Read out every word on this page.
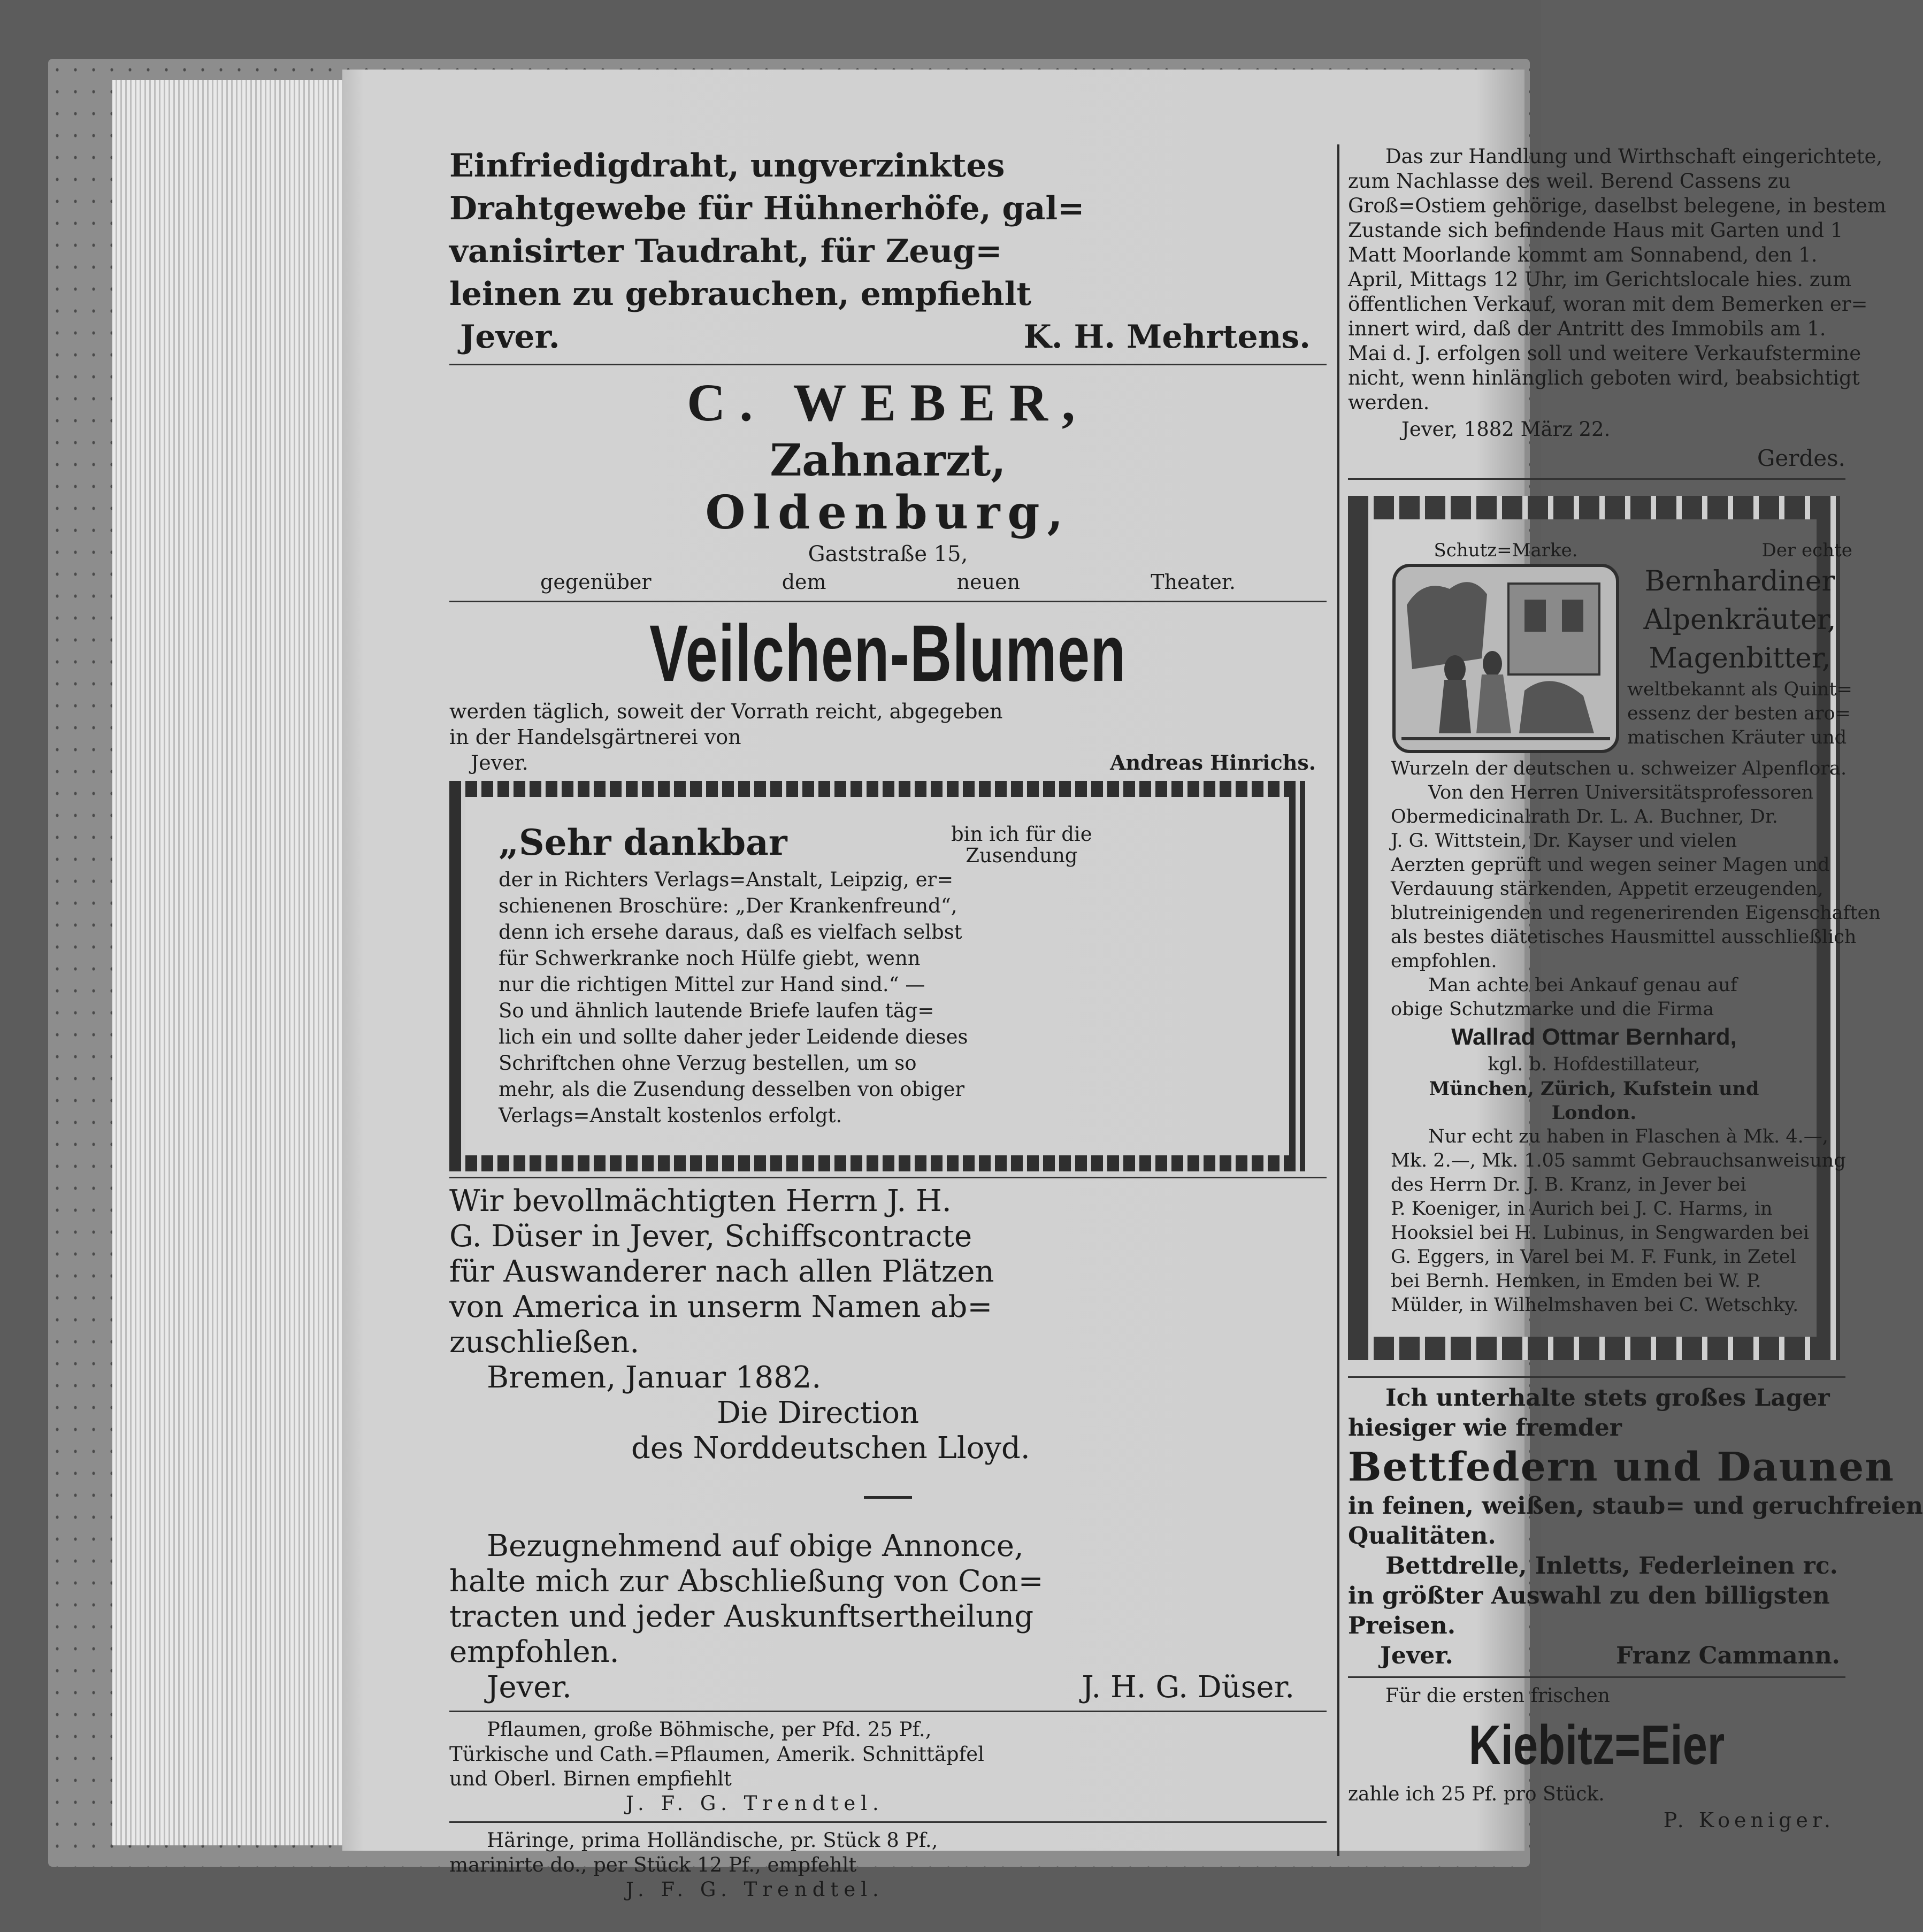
Einfriedigdraht, ungverzinktes
Drahtgewebe für Hühnerhöfe, gal=
vanisirter Taudraht, für Zeug=
leinen zu gebrauchen, empfiehlt
Jever.	K. H. Mehrtens.
C. WEBER,
Zahnarzt,
Oldenburg,
Gaststraße 15,
gegenüber	dem	neuen	Theater.
Veilchen-Blumen
werden täglich, soweit der Vorrath reicht, abgegeben
in der Handelsgärtnerei von
Jever.	Andreas Hinrichs.
„Sehr dankbar	bin ich für die
Zusendung
der in Richters Verlags=Anstalt, Leipzig, er=
schienenen Broschüre: „Der Krankenfreund“,
denn ich ersehe daraus, daß es vielfach selbst
für Schwerkranke noch Hülfe giebt, wenn
nur die richtigen Mittel zur Hand sind.“ —
So und ähnlich lautende Briefe laufen täg=
lich ein und sollte daher jeder Leidende dieses
Schriftchen ohne Verzug bestellen, um so
mehr, als die Zusendung desselben von obiger
Verlags=Anstalt kostenlos erfolgt.
Wir bevollmächtigten Herrn J. H.
G. Düser in Jever, Schiffscontracte
für Auswanderer nach allen Plätzen
von America in unserm Namen ab=
zuschließen.
Bremen, Januar 1882.
Die Direction
des Norddeutschen Lloyd.
Bezugnehmend auf obige Annonce,
halte mich zur Abschließung von Con=
tracten und jeder Auskunftsertheilung
empfohlen.
Jever.	J. H. G. Düser.
Pflaumen, große Böhmische, per Pfd. 25 Pf.,
Türkische und Cath.=Pflaumen, Amerik. Schnittäpfel
und Oberl. Birnen empfiehlt
J. F. G. Trendtel.
Häringe, prima Holländische, pr. Stück 8 Pf.,
marinirte do., per Stück 12 Pf., empfehlt
J. F. G. Trendtel.
Das zur Handlung und Wirthschaft eingerichtete,
zum Nachlasse des weil. Berend Cassens zu
Groß=Ostiem gehörige, daselbst belegene, in bestem
Zustande sich befindende Haus mit Garten und 1
Matt Moorlande kommt am Sonnabend, den 1.
April, Mittags 12 Uhr, im Gerichtslocale hies. zum
öffentlichen Verkauf, woran mit dem Bemerken er=
innert wird, daß der Antritt des Immobils am 1.
Mai d. J. erfolgen soll und weitere Verkaufstermine
nicht, wenn hinlänglich geboten wird, beabsichtigt
werden.
Jever, 1882 März 22.
Gerdes.
Schutz=Marke.	Der echte
Bernhardiner
Alpenkräuter,
Magenbitter,
weltbekannt als Quint=
essenz der besten aro=
matischen Kräuter und
Wurzeln der deutschen u. schweizer Alpenflora.
Von den Herren Universitätsprofessoren
Obermedicinalrath Dr. L. A. Buchner, Dr.
J. G. Wittstein, Dr. Kayser und vielen
Aerzten geprüft und wegen seiner Magen und
Verdauung stärkenden, Appetit erzeugenden,
blutreinigenden und regenerirenden Eigenschaften
als bestes diätetisches Hausmittel ausschließlich
empfohlen.
Man achte bei Ankauf genau auf
obige Schutzmarke und die Firma
Wallrad Ottmar Bernhard,
kgl. b. Hofdestillateur,
München, Zürich, Kufstein und London.
Nur echt zu haben in Flaschen à Mk. 4.—,
Mk. 2.—, Mk. 1.05 sammt Gebrauchsanweisung
des Herrn Dr. J. B. Kranz, in Jever bei
P. Koeniger, in Aurich bei J. C. Harms, in
Hooksiel bei H. Lubinus, in Sengwarden bei
G. Eggers, in Varel bei M. F. Funk, in Zetel
bei Bernh. Hemken, in Emden bei W. P.
Mülder, in Wilhelmshaven bei C. Wetschky.
Ich unterhalte stets großes Lager
hiesiger wie fremder
Bettfedern und Daunen
in feinen, weißen, staub= und geruchfreien
Qualitäten.
Bettdrelle, Inletts, Federleinen rc.
in größter Auswahl zu den billigsten
Preisen.
Jever.	Franz Cammann.
Für die ersten frischen
Kiebitz=Eier
zahle ich 25 Pf. pro Stück.
P. Koeniger.
